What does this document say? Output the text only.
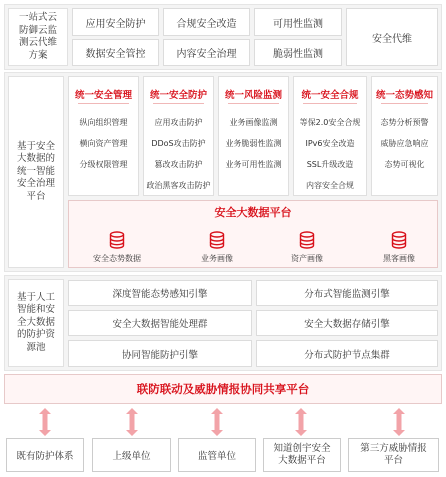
一站式云防御云监测云代维方案
应用安全防护	合规安全改造	可用性监测
数据安全管控	内容安全治理	脆弱性监测
安全代维
基于安全大数据的统一智能安全治理平台
统一安全管理
纵向组织管理
横向资产管理
分级权限管理
统一安全防护
应用攻击防护
DDoS攻击防护
篡改攻击防护
政治黑客攻击防护
统一风险监测
业务画像监测
业务脆弱性监测
业务可用性监测
统一安全合规
等保2.0安全合规
IPv6安全改造
SSL升级改造
内容安全合规
统一态势感知
态势分析预警
威胁应急响应
态势可视化
安全大数据平台
安全态势数据	业务画像	资产画像	黑客画像
基于人工智能和安全大数据的防护资源池
深度智能态势感知引擎	分布式智能监测引擎
安全大数据智能处理群	安全大数据存储引擎
协同智能防护引擎	分布式防护节点集群
联防联动及威胁情报协同共享平台
既有防护体系	上级单位	监管单位
知道创宇安全大数据平台
第三方威胁情报平台
